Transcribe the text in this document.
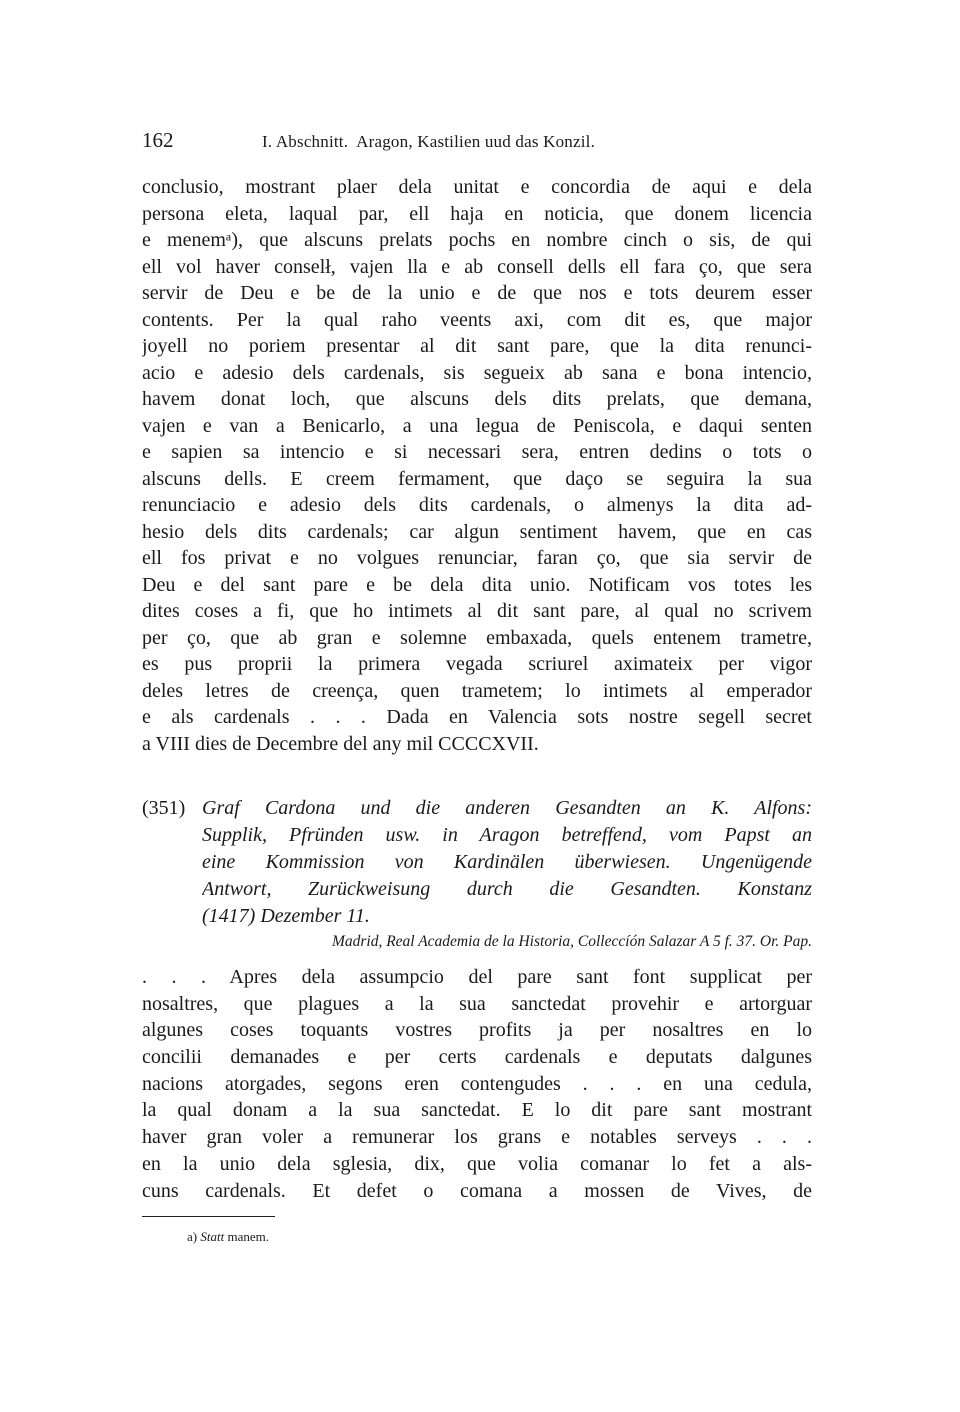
162	I. Abschnitt.  Aragon, Kastilien uud das Konzil.
conclusio, mostrant plaer dela unitat e concordia de aqui e dela
persona eleta, laqual par, ell haja en noticia, que donem licencia
e menemᵃ), que alscuns prelats pochs en nombre cinch o sis, de qui
ell vol haver conselł, vajen lla e ab consell dells ell fara ço, que sera
servir de Deu e be de la unio e de que nos e tots deurem esser
contents. Per la qual raho veents axi, com dit es, que major
joyell no poriem presentar al dit sant pare, que la dita renunci-
acio e adesio dels cardenals, sis segueix ab sana e bona intencio,
havem donat loch, que alscuns dels dits prelats, que demana,
vajen e van a Benicarlo, a una legua de Peniscola, e daqui senten
e sapien sa intencio e si necessari sera, entren dedins o tots o
alscuns dells. E creem fermament, que daço se seguira la sua
renunciacio e adesio dels dits cardenals, o almenys la dita ad-
hesio dels dits cardenals; car algun sentiment havem, que en cas
ell fos privat e no volgues renunciar, faran ço, que sia servir de
Deu e del sant pare e be dela dita unio. Notificam vos totes les
dites coses a fi, que ho intimets al dit sant pare, al qual no scrivem
per ço, que ab gran e solemne embaxada, quels entenem trametre,
es pus proprii la primera vegada scriurel aximateix per vigor
deles letres de creença, quen trametem; lo intimets al emperador
e als cardenals . . . Dada en Valencia sots nostre segell secret
a VIII dies de Decembre del any mil CCCCXVII.
(351) Graf Cardona und die anderen Gesandten an K. Alfons:
Supplik, Pfründen usw. in Aragon betreffend, vom Papst an
eine Kommission von Kardinälen überwiesen. Ungenügende
Antwort, Zurückweisung durch die Gesandten. Konstanz
(1417) Dezember 11.
Madrid, Real Academia de la Historia, Colleccíón Salazar A 5 f. 37. Or. Pap.
. . . Apres dela assumpcio del pare sant font supplicat per
nosaltres, que plagues a la sua sanctedat provehir e artorguar
algunes coses toquants vostres profits ja per nosaltres en lo
concilii demanades e per certs cardenals e deputats dalgunes
nacions atorgades, segons eren contengudes . . . en una cedula,
la qual donam a la sua sanctedat. E lo dit pare sant mostrant
haver gran voler a remunerar los grans e notables serveys . . .
en la unio dela sglesia, dix, que volia comanar lo fet a als-
cuns cardenals. Et defet o comana a mossen de Vives, de
a) Statt manem.
